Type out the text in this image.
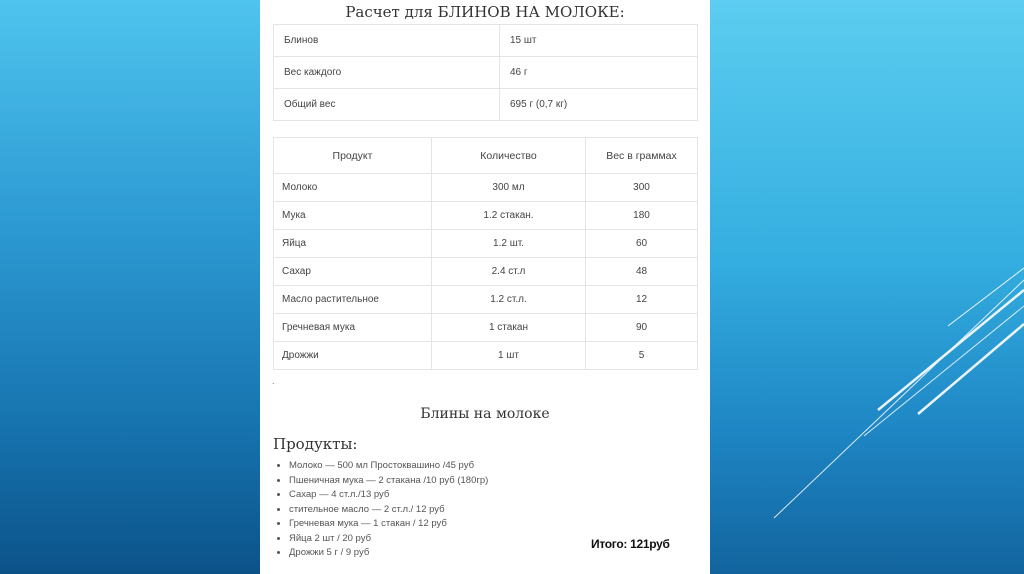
Расчет для БЛИНОВ НА МОЛОКЕ:
Блинов	15 шт
Вес каждого	46 г
Общий вес	695 г (0,7 кг)
Продукт	Количество	Вес в граммах
Молоко	300 мл	300
Мука	1.2 стакан.	180
Яйца	1.2 шт.	60
Сахар	2.4 ст.л	48
Масло растительное	1.2 ст.л.	12
Гречневая мука	1 стакан	90
Дрожжи	1 шт	5
.
Блины на молоке
Продукты:
• Молоко — 500 мл Простоквашино /45 руб
• Пшеничная мука — 2 стакана /10 руб (180гр)
• Сахар — 4 ст.л./13 руб
• стительное масло — 2 ст.л./ 12 руб
• Гречневая мука — 1 стакан / 12 руб
• Яйца 2 шт / 20 руб
• Дрожжи 5 г / 9 руб
Итого: 121руб
